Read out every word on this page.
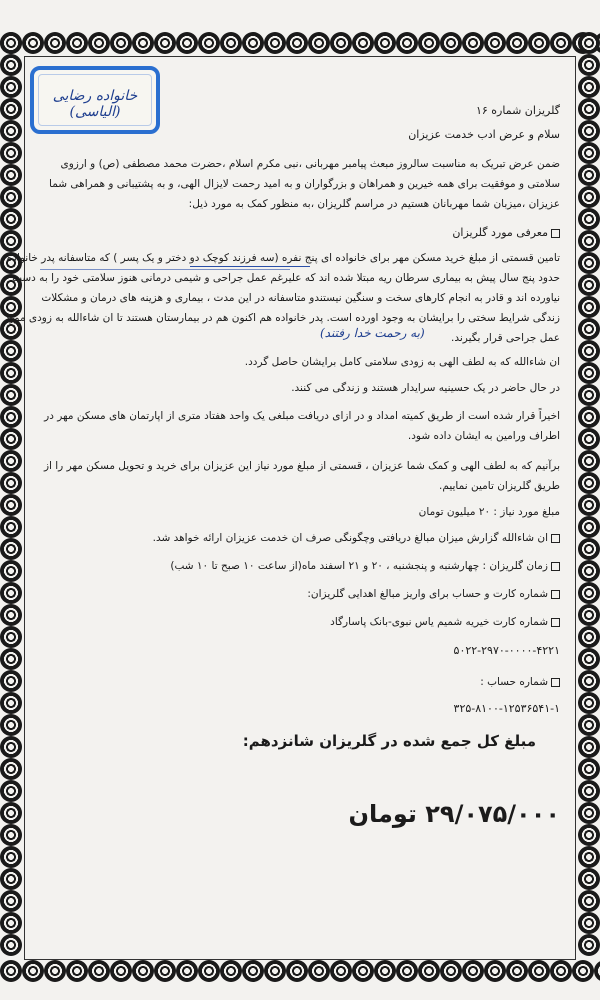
خانواده رضایی (الیاسی)	گلریزان شماره ۱۶
سلام و عرض ادب خدمت عزیزان
ضمن عرض تبریک به مناسبت سالروز مبعث پیامبر مهربانی ،نبی مکرم اسلام ،حضرت محمد مصطفی (ص) و ارزوی
سلامتی و موفقیت برای همه خیرین و همراهان و بزرگواران و به امید رحمت لایزال الهی، و به پشتیبانی و همراهی شما
عزیزان ،میزبان شما مهربانان هستیم در مراسم گلریزان ،به منظور کمک به مورد ذیل:
معرفی مورد گلریزان
تامین قسمتی از مبلغ خرید مسکن مهر برای خانواده ای پنج نفره (سه فرزند کوچک دو دختر و یک پسر ) که متاسفانه پدر خانواده
حدود پنج سال پیش به بیماری سرطان ریه مبتلا شده اند که علیرغم عمل جراحی و شیمی درمانی هنوز سلامتی خود را به دست
نیاورده اند و قادر به انجام کارهای سخت و سنگین نیستندو متاسفانه در این مدت ، بیماری و هزینه های درمان و مشکلات
زندگی شرایط سختی را برایشان به وجود اورده است. پدر خانواده هم اکنون هم در بیمارستان هستند تا ان شاءالله به زودی مورد
عمل جراحی قرار بگیرند.
(به رحمت خدا رفتند)
ان شاءالله که به لطف الهی به زودی سلامتی کامل برایشان حاصل گردد.
در حال حاضر در یک حسینیه سرایدار هستند و زندگی می کنند.
اخیراً قرار شده است از طریق کمیته امداد و در ازای دریافت مبلغی یک واحد هفتاد متری از اپارتمان های مسکن مهر در
اطراف ورامین به ایشان داده شود.
برآنیم که به لطف الهی و کمک شما عزیزان ، قسمتی از مبلغ مورد نیاز این عزیزان برای خرید و تحویل مسکن مهر را از
طریق گلریزان تامین نماییم.
مبلغ مورد نیاز : ۲۰ میلیون تومان
ان شاءالله گزارش میزان مبالغ دریافتی وچگونگی صرف ان خدمت عزیزان ارائه خواهد شد.
زمان گلریزان : چهارشنبه و پنجشنبه ، ۲۰ و ۲۱ اسفند ماه(از ساعت ۱۰ صبح تا ۱۰ شب)
شماره کارت و حساب برای واریز مبالغ اهدایی گلریزان:
شماره کارت خیریه شمیم یاس نبوی-بانک پاسارگاد
۵۰۲۲-۲۹۷۰-۰۰۰۰-۴۲۲۱
شماره حساب :
۳۲۵-۸۱۰۰-۱۲۵۳۶۵۴۱-۱
مبلغ کل جمع شده در گلریزان شانزدهم:
۲۹/۰۷۵/۰۰۰ تومان
